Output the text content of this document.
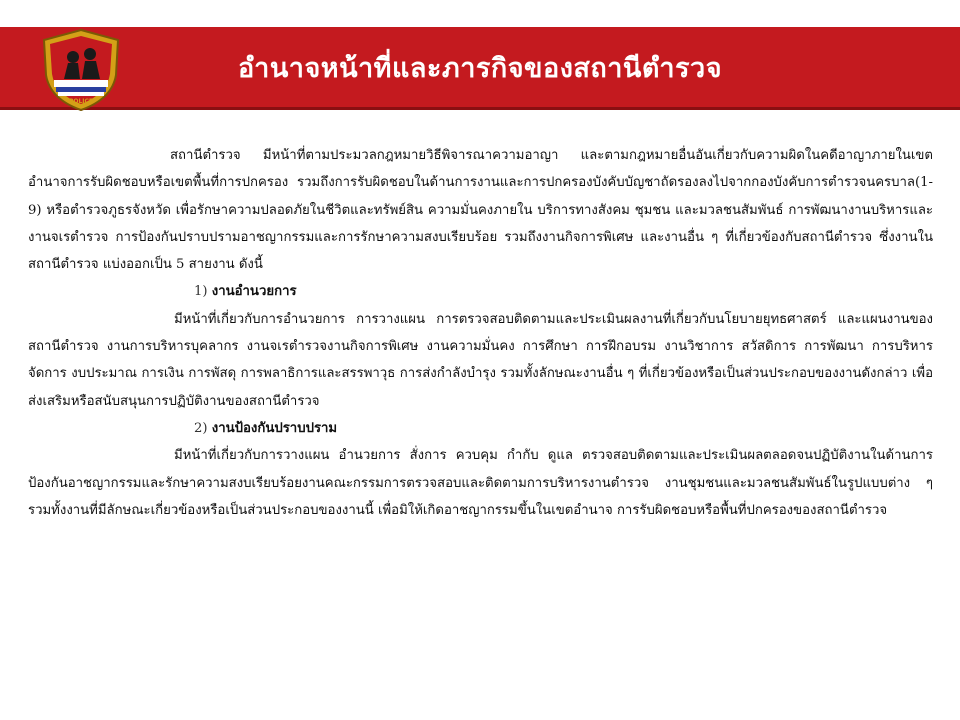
อำนาจหน้าที่และภารกิจของสถานีตำรวจ
POLICE

สถานีตำรวจ มีหน้าที่ตามประมวลกฎหมายวิธีพิจารณาความอาญา และตามกฎหมายอื่นอันเกี่ยวกับความผิดในคดีอาญาภายในเขตอำนาจการรับผิดชอบหรือเขตพื้นที่การปกครอง รวมถึงการรับผิดชอบในด้านการงานและการปกครองบังคับบัญชาถัดรองลงไปจากกองบังคับการตำรวจนครบาล(1-9) หรือตำรวจภูธรจังหวัด เพื่อรักษาความปลอดภัยในชีวิตและทรัพย์สิน ความมั่นคงภายใน บริการทางสังคม ชุมชน และมวลชนสัมพันธ์ การพัฒนางานบริหารและงานจเรตำรวจ การป้องกันปราบปรามอาชญากรรมและการรักษาความสงบเรียบร้อย รวมถึงงานกิจการพิเศษ และงานอื่น ๆ ที่เกี่ยวข้องกับสถานีตำรวจ ซึ่งงานในสถานีตำรวจ แบ่งออกเป็น 5 สายงาน ดังนี้

1) งานอำนวยการ

มีหน้าที่เกี่ยวกับการอำนวยการ การวางแผน การตรวจสอบติดตามและประเมินผลงานที่เกี่ยวกับนโยบายยุทธศาสตร์ และแผนงานของสถานีตำรวจ งานการบริหารบุคลากร งานจเรตำรวจงานกิจการพิเศษ งานความมั่นคง การศึกษา การฝึกอบรม งานวิชาการ สวัสดิการ การพัฒนา การบริหารจัดการ งบประมาณ การเงิน การพัสดุ การพลาธิการและสรรพาวุธ การส่งกำลังบำรุง รวมทั้งลักษณะงานอื่น ๆ ที่เกี่ยวข้องหรือเป็นส่วนประกอบของงานดังกล่าว เพื่อส่งเสริมหรือสนับสนุนการปฏิบัติงานของสถานีตำรวจ

2) งานป้องกันปราบปราม

มีหน้าที่เกี่ยวกับการวางแผน อำนวยการ สั่งการ ควบคุม กำกับ ดูแล ตรวจสอบติดตามและประเมินผลตลอดจนปฏิบัติงานในด้านการป้องกันอาชญากรรมและรักษาความสงบเรียบร้อยงานคณะกรรมการตรวจสอบและติดตามการบริหารงานตำรวจ งานชุมชนและมวลชนสัมพันธ์ในรูปแบบต่าง ๆ รวมทั้งงานที่มีลักษณะเกี่ยวข้องหรือเป็นส่วนประกอบของงานนี้ เพื่อมิให้เกิดอาชญากรรมขึ้นในเขตอำนาจ การรับผิดชอบหรือพื้นที่ปกครองของสถานีตำรวจ
